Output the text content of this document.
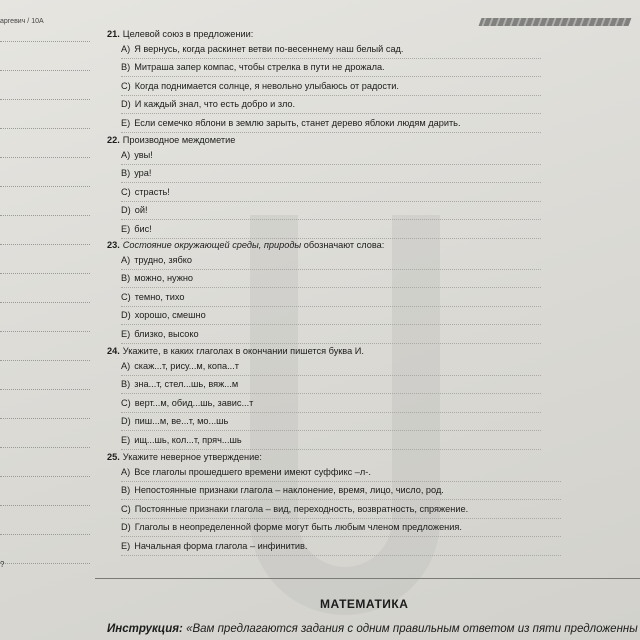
аргевич / 10А
21. Целевой союз в предложении:
A) Я вернусь, когда раскинет ветви по-весеннему наш белый сад.
B) Митраша запер компас, чтобы стрелка в пути не дрожала.
C) Когда поднимается солнце, я невольно улыбаюсь от радости.
D) И каждый знал, что есть добро и зло.
E) Если семечко яблони в землю зарыть, станет дерево яблоки людям дарить.
22. Производное междометие
A) увы!
B) ура!
C) страсть!
D) ой!
E) бис!
23. Состояние окружающей среды, природы обозначают слова:
A) трудно, зябко
B) можно, нужно
C) темно, тихо
D) хорошо, смешно
E) близко, высоко
24. Укажите, в каких глаголах в окончании пишется буква И.
A) скаж...т, рису...м, копа...т
B) зна...т, стел...шь, вяж...м
C) верт...м, обид...шь, завис...т
D) пиш...м, ве...т, мо...шь
E) ищ...шь, кол...т, пряч...шь
25. Укажите неверное утверждение:
A) Все глаголы прошедшего времени имеют суффикс –л-.
B) Непостоянные признаки глагола – наклонение, время, лицо, число, род.
C) Постоянные признаки глагола – вид, переходность, возвратность, спряжение.
D) Глаголы в неопределенной форме могут быть любым членом предложения.
E) Начальная форма глагола – инфинитив.
?
МАТЕМАТИКА
Инструкция: «Вам предлагаются задания с одним правильным ответом из пяти предложенны
